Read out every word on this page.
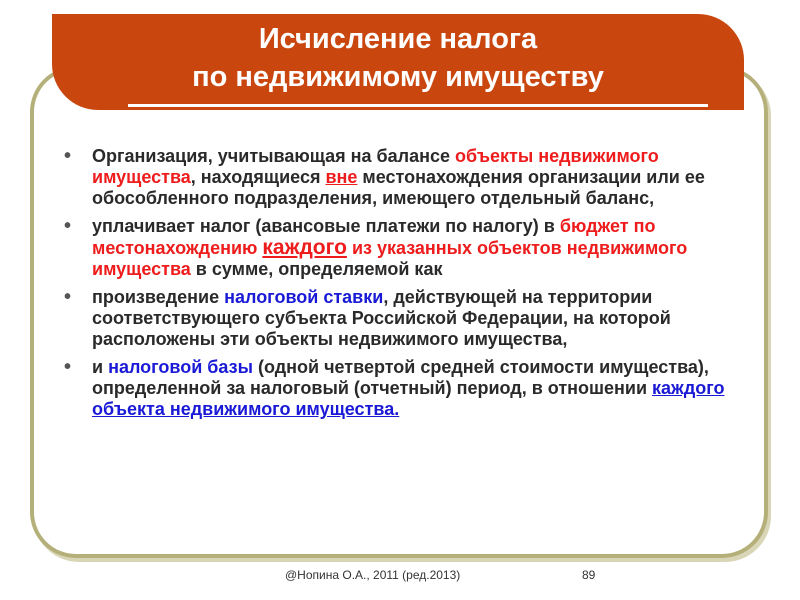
Исчисление налога
по недвижимому имуществу
• Организация, учитывающая на балансе объекты недвижимого имущества, находящиеся вне местонахождения организации или ее обособленного подразделения, имеющего отдельный баланс,
• уплачивает налог (авансовые платежи по налогу) в бюджет по местонахождению каждого из указанных объектов недвижимого имущества в сумме, определяемой как
• произведение налоговой ставки, действующей на территории соответствующего субъекта Российской Федерации, на которой расположены эти объекты недвижимого имущества,
• и налоговой базы (одной четвертой средней стоимости имущества), определенной за налоговый (отчетный) период, в отношении каждого объекта недвижимого имущества.
@Нопина О.А., 2011 (ред.2013)	89
